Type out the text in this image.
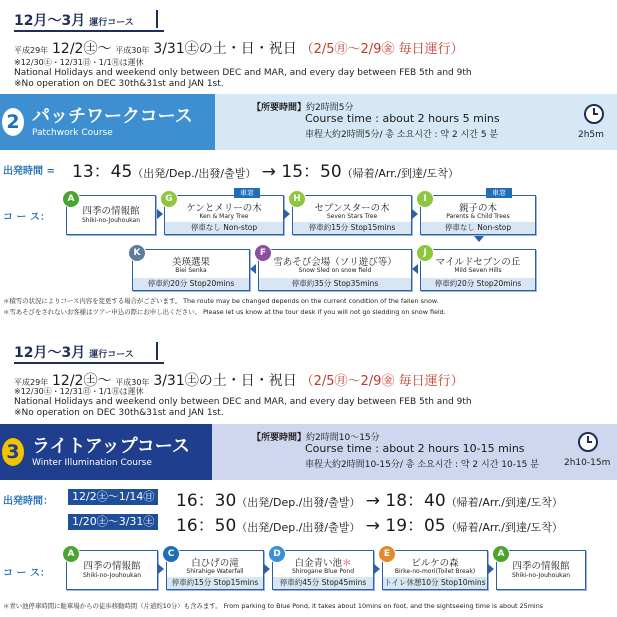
12月〜3月 運行コース
平成29年 12/2㊏〜 平成30年 3/31㊏の土・日・祝日 （2/5㊊〜2/9㊎ 毎日運行）
※12/30㊏・12/31㊐・1/1㊊は運休
National Holidays and weekend only between DEC and MAR, and every day between FEB 5th and 9th
※No operation on DEC 30th&31st and JAN 1st.
2 パッチワークコース
Patchwork Course
【所要時間】約2時間5分
Course time : about 2 hours 5 mins
車程大約2時間5分/ 총 소요시간 : 약 2 시간 5 분	2h5m
出発時間 = 13：45（出発/Dep./出發/출발） → 15：50（帰着/Arr./到達/도착）
コ ー ス：
四季の情報館
Shiki-no-Jouhoukan
A
ケンとメリーの木
Ken & Mary Tree
停車なし Non-stop
車窓
G
セブンスターの木
Seven Stars Tree
停車約15分 Stop15mins
H
親子の木
Parents & Child Trees
停車なし Non-stop
車窓
I
美瑛選果
Biei Senka
停車約20分 Stop20mins
K
雪あそび会場（ソリ遊び等）
Snow Sled on snow field
停車約35分 Stop35mins
F
マイルドセブンの丘
Mild Seven Hills
停車約20分 Stop20mins
J
＊積雪の状況によりコース内容を変更する場合がございます。 The route may be changed depends on the current condition of the fallen snow.
＊雪あそびをされないお客様はツアー申込の際にお申し出ください。 Please let us know at the tour desk if you will not go sledding on snow field.
12月〜3月 運行コース
平成29年 12/2㊏〜 平成30年 3/31㊏の土・日・祝日 （2/5㊊〜2/9㊎ 毎日運行）
※12/30㊏・12/31㊐・1/1㊊は運休
National Holidays and weekend only between DEC and MAR, and every day between FEB 5th and 9th
※No operation on DEC 30th&31st and JAN 1st.
3 ライトアップコース
Winter Illumination Course
【所要時間】約2時間10〜15分
Course time : about 2 hours 10-15 mins
車程大約2時間10-15分/ 총 소요시간 : 약 2 시간 10-15 분	2h10-15m
出発時間：	12/2㊏〜1/14㊐ 16：30（出発/Dep./出發/출발） → 18：40（帰着/Arr./到達/도착）
1/20㊏〜3/31㊏ 16：50（出発/Dep./出發/출발） → 19：05（帰着/Arr./到達/도착）
コ ー ス：
四季の情報館
Shiki-no-Jouhoukan
A
白ひげの滝
Shirahige Waterfall
停車約15分 Stop15mins
C
白金青い池＊
Shirogane Blue Pond
停車約45分 Stop45mins
D
ビルケの森
Birke-no-mori(Toilet Break)
トイレ休憩10分 Stop10mins
E
四季の情報館
Shiki-no-Jouhoukan
A
＊青い池停車時間に駐車場からの徒歩移動時間（片道約10分）も含みます。 From parking to Blue Pond, it takes about 10mins on foot, and the sightseeing time is about 25mins
